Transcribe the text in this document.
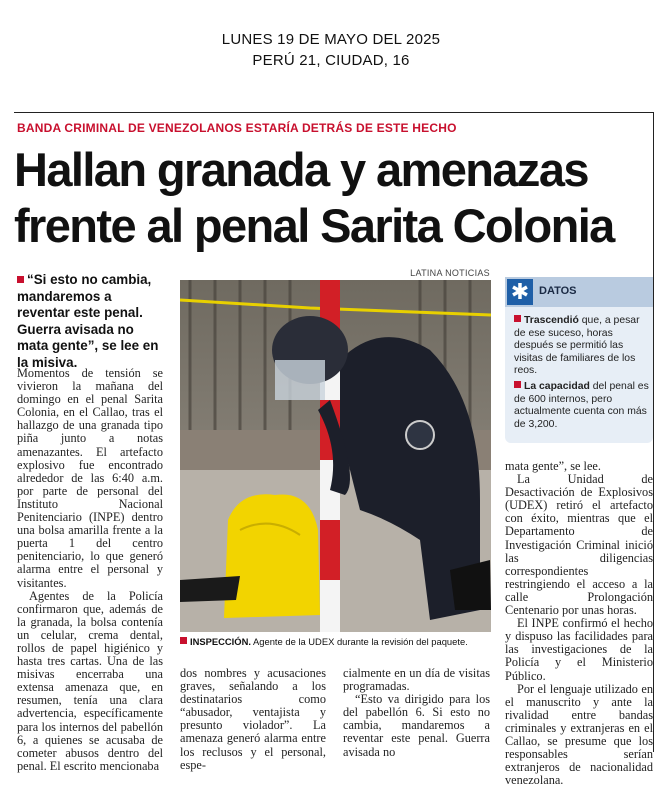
LUNES 19 DE MAYO DEL 2025
PERÚ 21, CIUDAD, 16
BANDA CRIMINAL DE VENEZOLANOS ESTARÍA DETRÁS DE ESTE HECHO
Hallan granada y amenazas
frente al penal Sarita Colonia
“Si esto no cambia, mandaremos a reventar este penal. Guerra avisada no mata gente”, se lee en la misiva.

Momentos de tensión se vivieron la mañana del domingo en el penal Sarita Colonia, en el Callao, tras el hallazgo de una granada tipo piña junto a notas amenazantes. El artefacto explosivo fue encontrado alrededor de las 6:40 a.m. por parte de personal del Instituto Nacional Penitenciario (INPE) dentro una bolsa amarilla frente a la puerta 1 del centro penitenciario, lo que generó alarma entre el personal y visitantes.

Agentes de la Policía confirmaron que, además de la granada, la bolsa contenía un celular, crema dental, rollos de papel higiénico y hasta tres cartas. Una de las misivas encerraba una extensa amenaza que, en resumen, tenía una clara advertencia, específicamente para los internos del pabellón 6, a quienes se acusaba de cometer abusos dentro del penal. El escrito mencionaba

LATINA NOTICIAS
INSPECCIÓN. Agente de la UDEX durante la revisión del paquete.

dos nombres y acusaciones graves, señalando a los destinatarios como “abusador, ventajista y presunto violador”. La amenaza generó alarma entre los reclusos y el personal, espe-

cialmente en un día de visitas programadas.

“Esto va dirigido para los del pabellón 6. Si esto no cambia, mandaremos a reventar este penal. Guerra avisada no

✱ DATOS
Trascendió que, a pesar de ese suceso, horas después se permitió las visitas de familiares de los reos.
La capacidad del penal es de 600 internos, pero actualmente cuenta con más de 3,200.

mata gente”, se lee.

La Unidad de Desactivación de Explosivos (UDEX) retiró el artefacto con éxito, mientras que el Departamento de Investigación Criminal inició las diligencias correspondientes restringiendo el acceso a la calle Prolongación Centenario por unas horas.

El INPE confirmó el hecho y dispuso las facilidades para las investigaciones de la Policía y el Ministerio Público.

Por el lenguaje utilizado en el manuscrito y ante la rivalidad entre bandas criminales y extranjeras en el Callao, se presume que los responsables serían extranjeros de nacionalidad venezolana.
